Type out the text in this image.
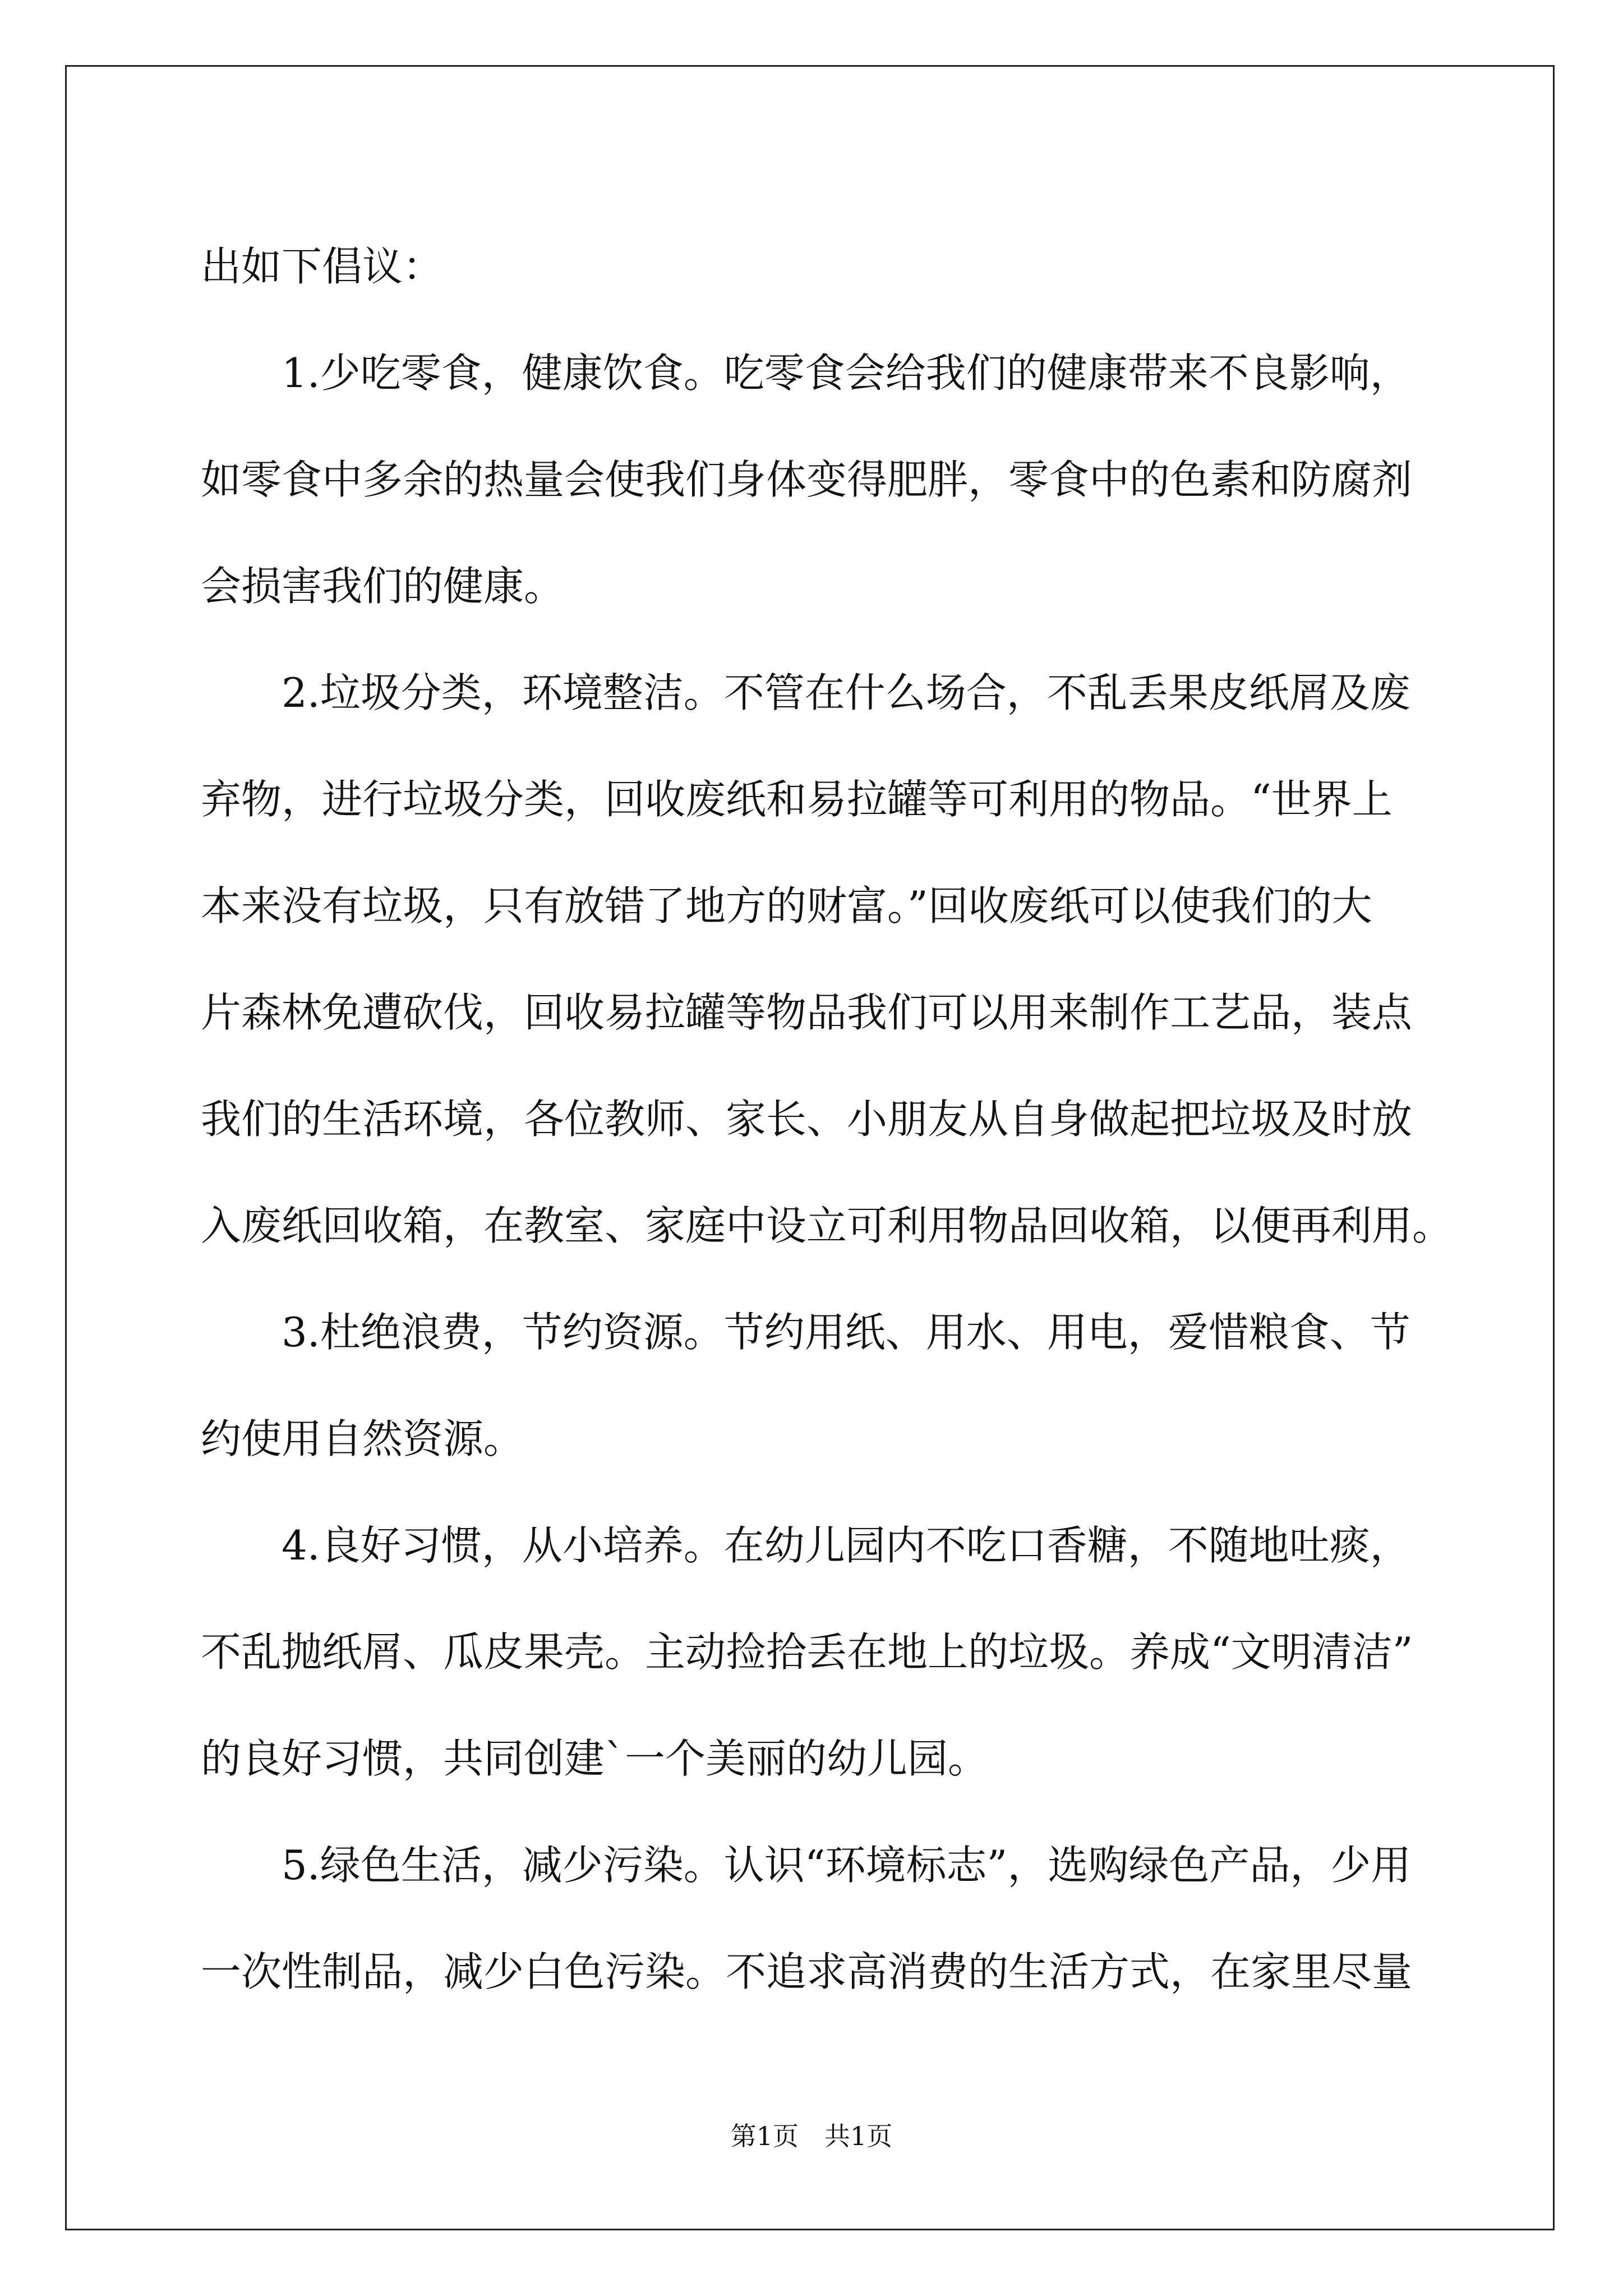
出如下倡议：
1.少吃零食，健康饮食。吃零食会给我们的健康带来不良影响，
如零食中多余的热量会使我们身体变得肥胖，零食中的色素和防腐剂
会损害我们的健康。
2.垃圾分类，环境整洁。不管在什么场合，不乱丢果皮纸屑及废
弃物，进行垃圾分类，回收废纸和易拉罐等可利用的物品。“世界上
本来没有垃圾，只有放错了地方的财富。”回收废纸可以使我们的大
片森林免遭砍伐，回收易拉罐等物品我们可以用来制作工艺品，装点
我们的生活环境，各位教师、家长、小朋友从自身做起把垃圾及时放
入废纸回收箱，在教室、家庭中设立可利用物品回收箱，以便再利用。
3.杜绝浪费，节约资源。节约用纸、用水、用电，爱惜粮食、节
约使用自然资源。
4.良好习惯，从小培养。在幼儿园内不吃口香糖，不随地吐痰，
不乱抛纸屑、瓜皮果壳。主动捡拾丢在地上的垃圾。养成“文明清洁”
的良好习惯，共同创建`一个美丽的幼儿园。
5.绿色生活，减少污染。认识“环境标志”，选购绿色产品，少用
一次性制品，减少白色污染。不追求高消费的生活方式，在家里尽量
第1页 共1页
